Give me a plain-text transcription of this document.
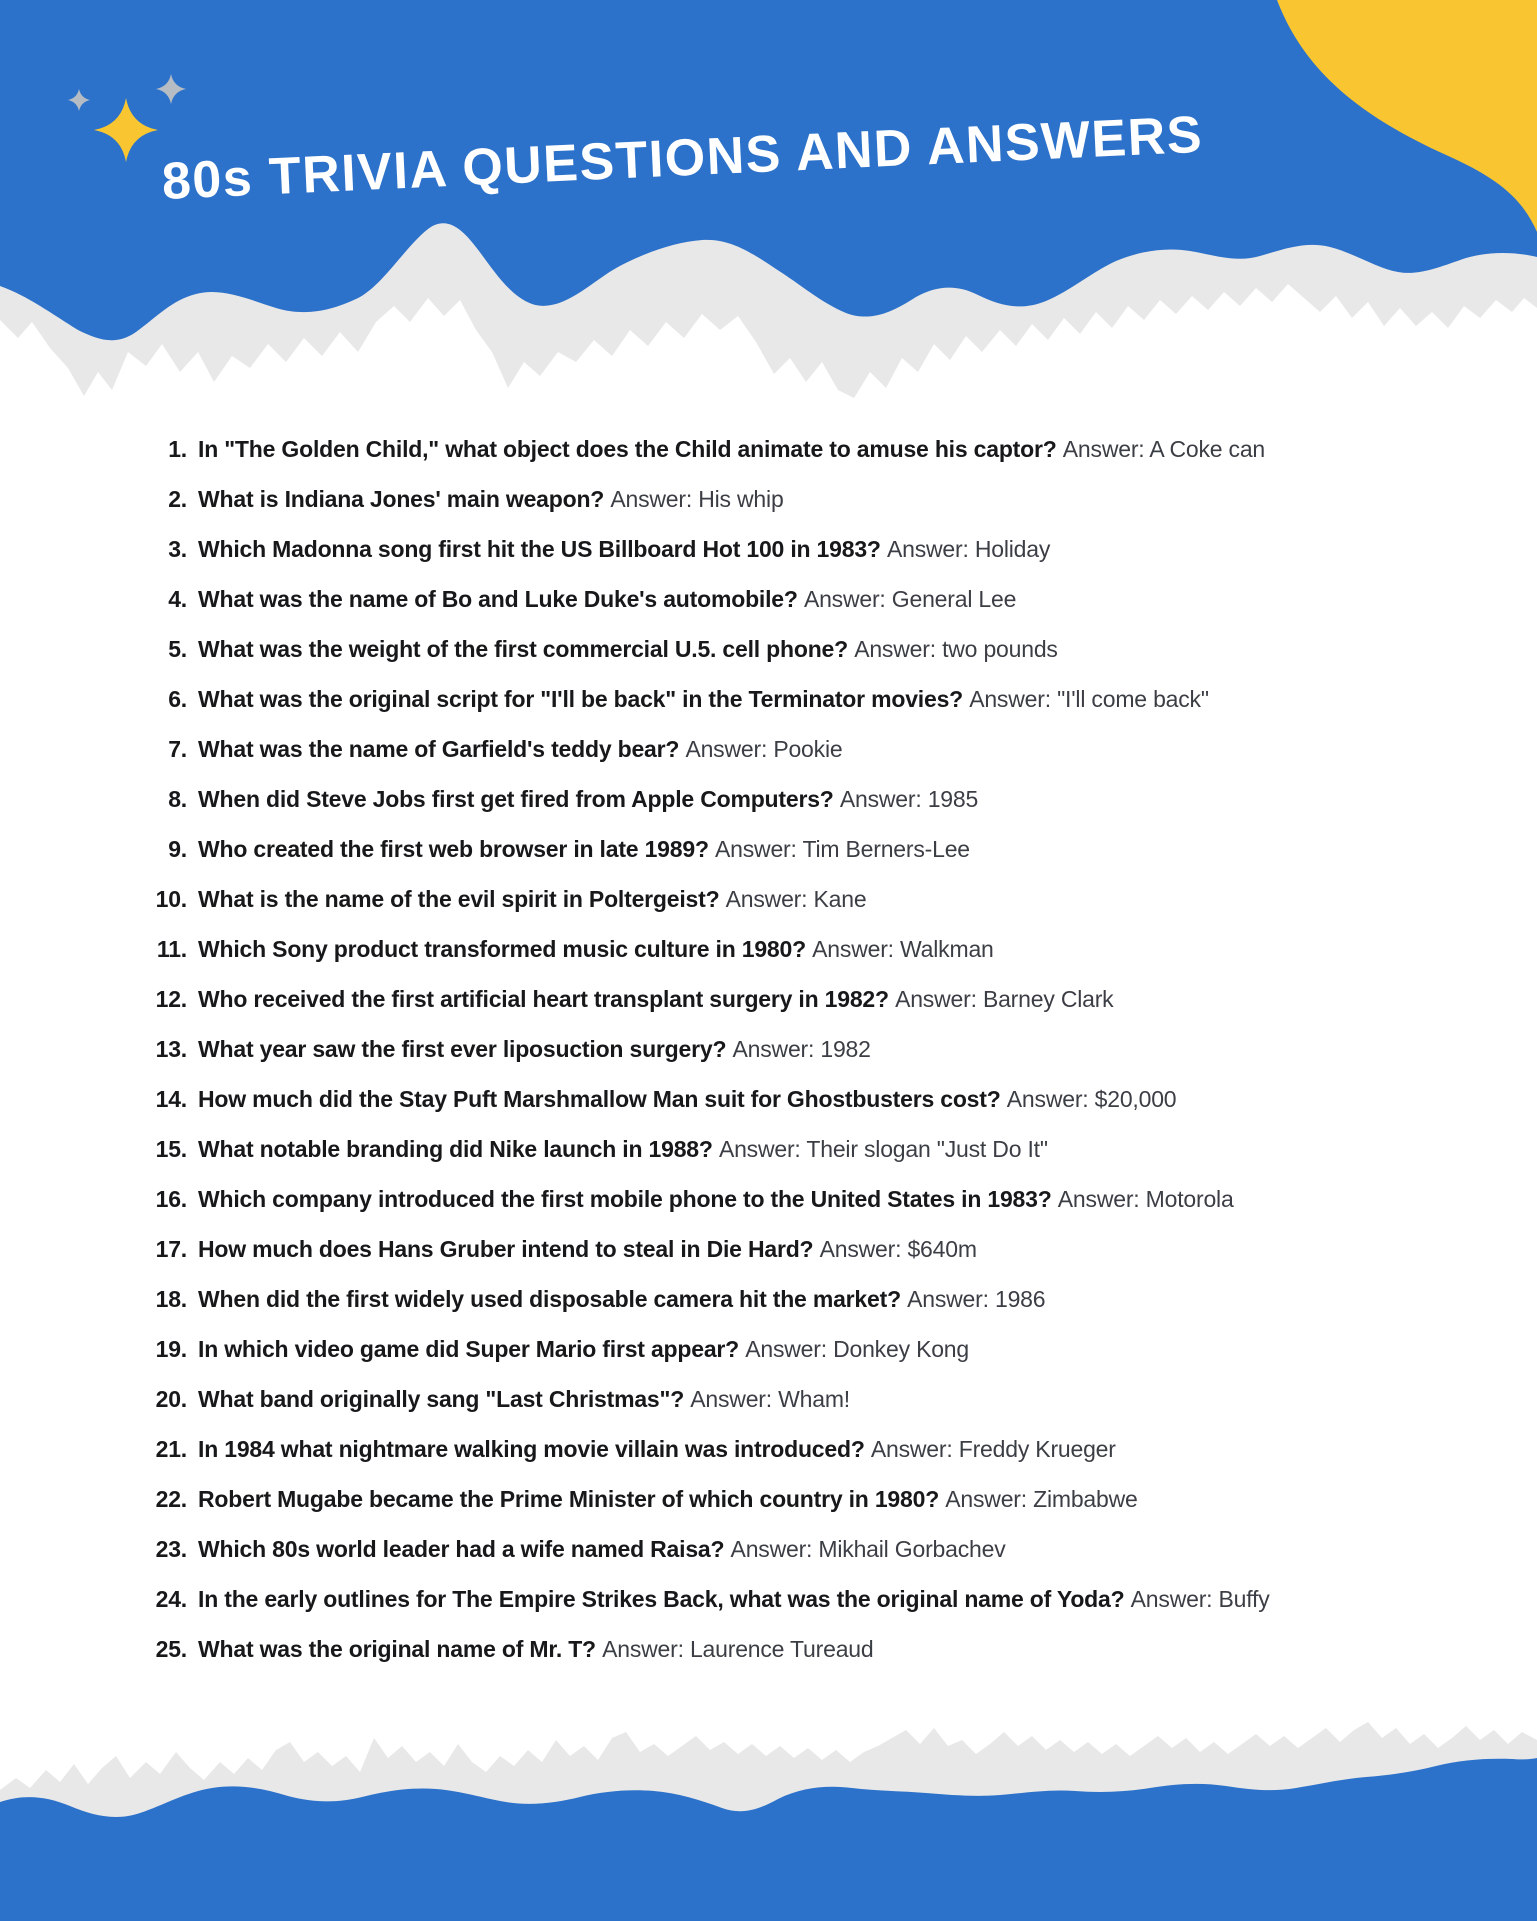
80s TRIVIA QUESTIONS AND ANSWERS
1. In "The Golden Child," what object does the Child animate to amuse his captor? Answer: A Coke can
2. What is Indiana Jones' main weapon? Answer: His whip
3. Which Madonna song first hit the US Billboard Hot 100 in 1983? Answer: Holiday
4. What was the name of Bo and Luke Duke's automobile? Answer: General Lee
5. What was the weight of the first commercial U.5. cell phone? Answer: two pounds
6. What was the original script for "I'll be back" in the Terminator movies? Answer: "I'll come back"
7. What was the name of Garfield's teddy bear? Answer: Pookie
8. When did Steve Jobs first get fired from Apple Computers? Answer: 1985
9. Who created the first web browser in late 1989? Answer: Tim Berners-Lee
10. What is the name of the evil spirit in Poltergeist? Answer: Kane
11. Which Sony product transformed music culture in 1980? Answer: Walkman
12. Who received the first artificial heart transplant surgery in 1982? Answer: Barney Clark
13. What year saw the first ever liposuction surgery? Answer: 1982
14. How much did the Stay Puft Marshmallow Man suit for Ghostbusters cost? Answer: $20,000
15. What notable branding did Nike launch in 1988? Answer: Their slogan "Just Do It"
16. Which company introduced the first mobile phone to the United States in 1983? Answer: Motorola
17. How much does Hans Gruber intend to steal in Die Hard? Answer: $640m
18. When did the first widely used disposable camera hit the market? Answer: 1986
19. In which video game did Super Mario first appear? Answer: Donkey Kong
20. What band originally sang "Last Christmas"? Answer: Wham!
21. In 1984 what nightmare walking movie villain was introduced? Answer: Freddy Krueger
22. Robert Mugabe became the Prime Minister of which country in 1980? Answer: Zimbabwe
23. Which 80s world leader had a wife named Raisa? Answer: Mikhail Gorbachev
24. In the early outlines for The Empire Strikes Back, what was the original name of Yoda? Answer: Buffy
25. What was the original name of Mr. T? Answer: Laurence Tureaud
